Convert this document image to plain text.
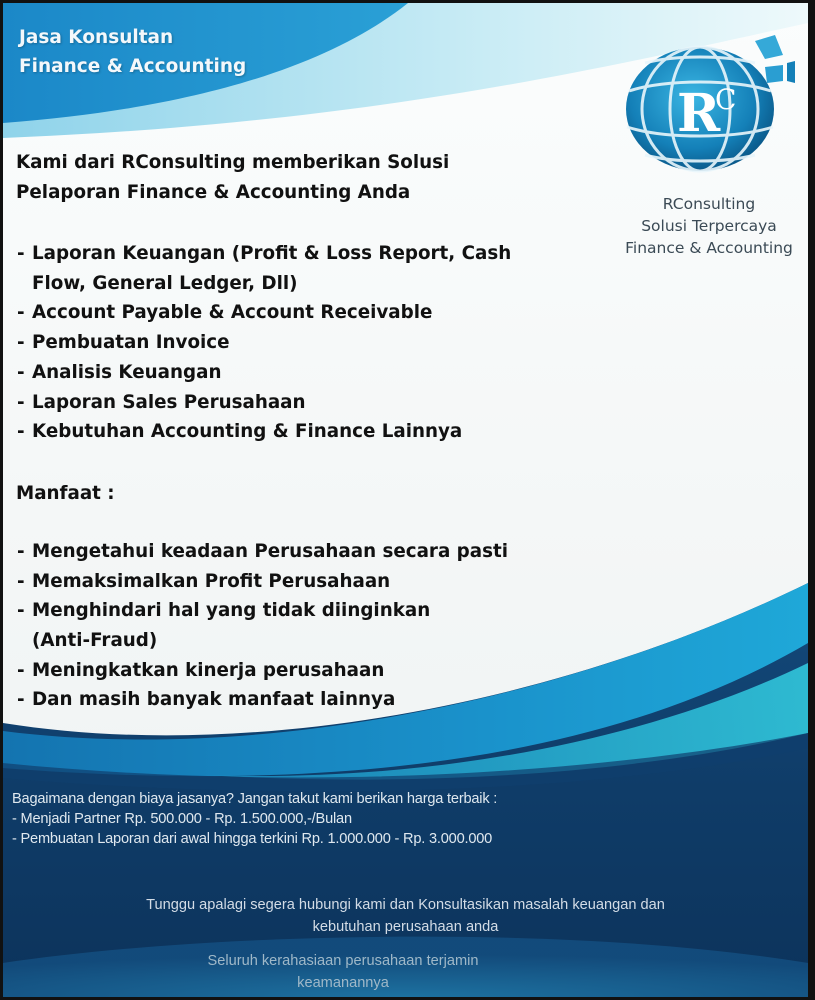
Jasa Konsultan
Finance & Accounting
R
C
RConsulting
Solusi Terpercaya
Finance & Accounting

Kami dari RConsulting memberikan Solusi
Pelaporan Finance & Accounting Anda

- Laporan Keuangan (Profit & Loss Report, Cash
Flow, General Ledger, Dll)
- Account Payable & Account Receivable
- Pembuatan Invoice
- Analisis Keuangan
- Laporan Sales Perusahaan
- Kebutuhan Accounting & Finance Lainnya
Manfaat :
- Mengetahui keadaan Perusahaan secara pasti
- Memaksimalkan Profit Perusahaan
- Menghindari hal yang tidak diinginkan
(Anti-Fraud)
- Meningkatkan kinerja perusahaan
- Dan masih banyak manfaat lainnya
Bagaimana dengan biaya jasanya? Jangan takut kami berikan harga terbaik :
- Menjadi Partner Rp. 500.000 - Rp. 1.500.000,-/Bulan
- Pembuatan Laporan dari awal hingga terkini Rp. 1.000.000 - Rp. 3.000.000

Tunggu apalagi segera hubungi kami dan Konsultasikan masalah keuangan dan

kebutuhan perusahaan anda

Seluruh kerahasiaan perusahaan terjamin
keamanannya
